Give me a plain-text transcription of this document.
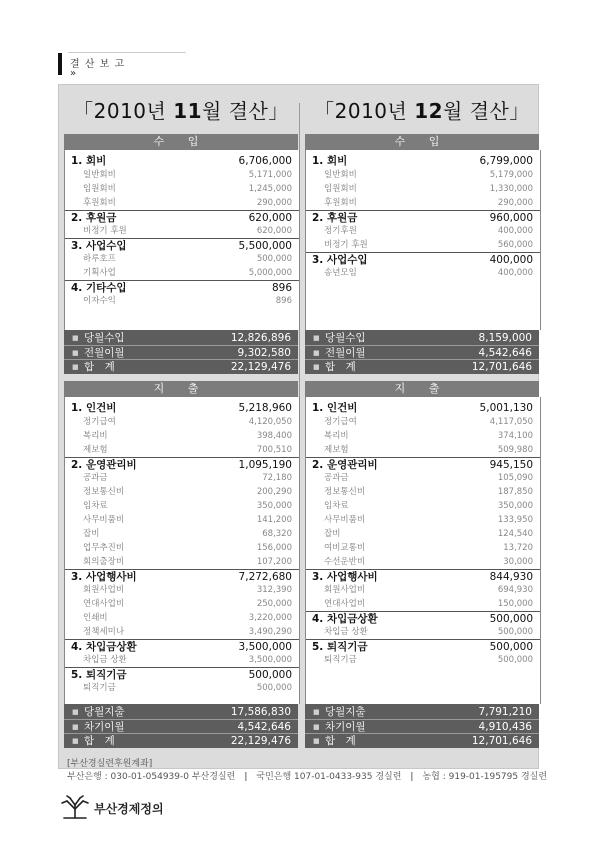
결 산 보 고
»
「2010년 11월 결산」
수 입
1. 회비	6,706,000
일반회비	5,171,000
임원회비	1,245,000
후원회비	290,000
2. 후원금	620,000
비정기 후원	620,000
3. 사업수입	5,500,000
하루호프	500,000
기획사업	5,000,000
4. 기타수입	896
이자수익	896
■ 당월수입	12,826,896
■ 전월이월	9,302,580
■ 합　계	22,129,476
지 출
1. 인건비	5,218,960
정기급여	4,120,050
복리비	398,400
제보험	700,510
2. 운영관리비	1,095,190
공과금	72,180
정보통신비	200,290
임차료	350,000
사무비품비	141,200
잡비	68,320
업무추진비	156,000
회의출장비	107,200
3. 사업행사비	7,272,680
회원사업비	312,390
연대사업비	250,000
인쇄비	3,220,000
정책세미나	3,490,290
4. 차입금상환	3,500,000
차입금 상환	3,500,000
5. 퇴직기금	500,000
퇴직기금	500,000
■ 당월지출	17,586,830
■ 차기이월	4,542,646
■ 합　계	22,129,476
「2010년 12월 결산」
수 입
1. 회비	6,799,000
일반회비	5,179,000
임원회비	1,330,000
후원회비	290,000
2. 후원금	960,000
정기후원	400,000
비정기 후원	560,000
3. 사업수입	400,000
송년모임	400,000
■ 당월수입	8,159,000
■ 전월이월	4,542,646
■ 합　계	12,701,646
지 출
1. 인건비	5,001,130
정기급여	4,117,050
복리비	374,100
제보험	509,980
2. 운영관리비	945,150
공과금	105,090
정보통신비	187,850
임차료	350,000
사무비품비	133,950
잡비	124,540
여비교통비	13,720
수선운반비	30,000
3. 사업행사비	844,930
회원사업비	694,930
연대사업비	150,000
4. 차입금상환	500,000
차입금 상환	500,000
5. 퇴직기금	500,000
퇴직기금	500,000
■ 당월지출	7,791,210
■ 차기이월	4,910,436
■ 합　계	12,701,646
[부산경실련후원계좌]
부산은행 : 030-01-054939-0 부산경실련 | 국민은행 107-01-0433-935 경실련 | 농협 : 919-01-195795 경실련
부산경제정의
